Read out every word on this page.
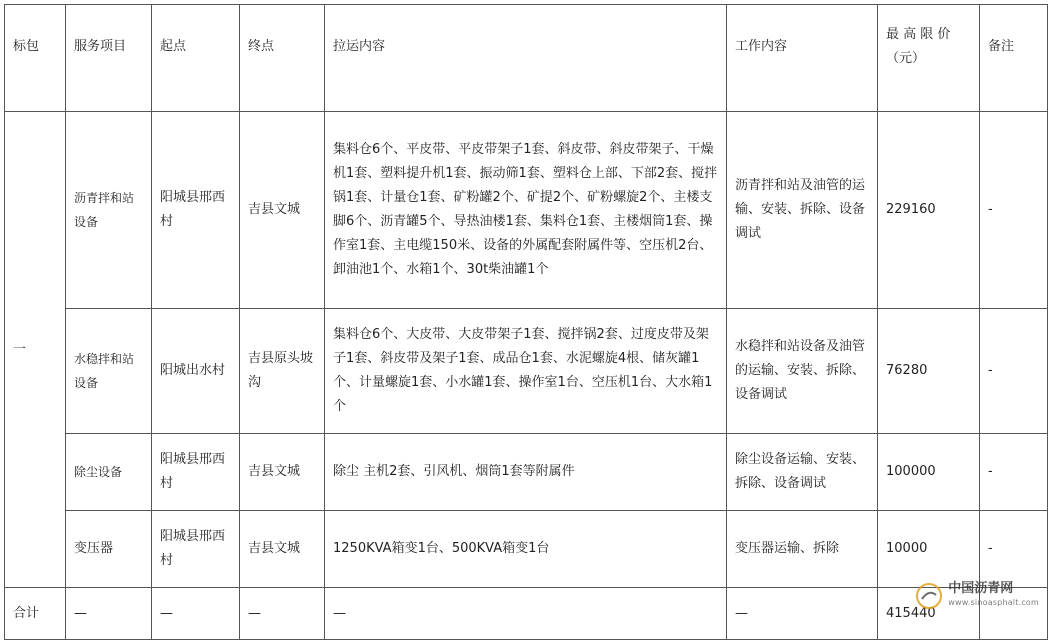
标包	服务项目	起点	终点	拉运内容	工作内容	最 高 限 价（元）	备注
一	沥青拌和站设备	阳城县邢西村	吉县文城	集料仓6个、平皮带、平皮带架子1套、斜皮带、斜皮带架子、干燥机1套、塑料提升机1套、振动筛1套、塑料仓上部、下部2套、搅拌锅1套、计量仓1套、矿粉罐2个、矿提2个、矿粉螺旋2个、主楼支脚6个、沥青罐5个、导热油楼1套、集料仓1套、主楼烟筒1套、操作室1套、主电缆150米、设备的外属配套附属件等、空压机2台、卸油池1个、水箱1个、30t柴油罐1个	沥青拌和站及油管的运输、安装、拆除、设备调试	229160	-
	水稳拌和站设备	阳城出水村	吉县原头坡沟	集料仓6个、大皮带、大皮带架子1套、搅拌锅2套、过度皮带及架子1套、斜皮带及架子1套、成品仓1套、水泥螺旋4根、储灰罐1个、计量螺旋1套、小水罐1套、操作室1台、空压机1台、大水箱1个	水稳拌和站设备及油管的运输、安装、拆除、设备调试	76280	-
	除尘设备	阳城县邢西村	吉县文城	除尘 主机2套、引风机、烟筒1套等附属件	除尘设备运输、安装、拆除、设备调试	100000	-
	变压器	阳城县邢西村	吉县文城	1250KVA箱变1台、500KVA箱变1台	变压器运输、拆除	10000	-
合计	—	—	—	—	—	415440	
中国沥青网
www.sinoasphalt.com
